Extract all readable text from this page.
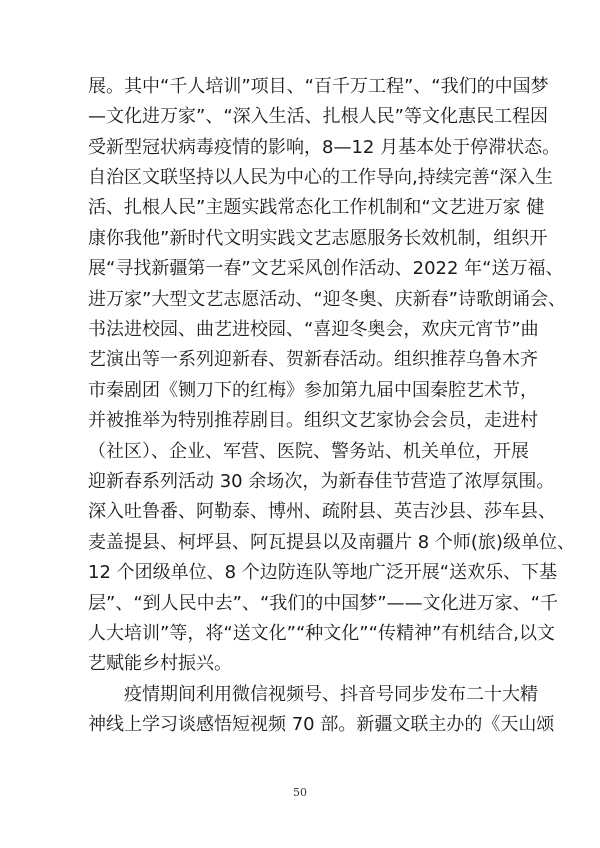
展。其中“千人培训”项目、“百千万工程”、“我们的中国梦
—文化进万家”、“深入生活、扎根人民”等文化惠民工程因
受新型冠状病毒疫情的影响，8—12 月基本处于停滞状态。
自治区文联坚持以人民为中心的工作导向,持续完善“深入生
活、扎根人民”主题实践常态化工作机制和“文艺进万家 健
康你我他”新时代文明实践文艺志愿服务长效机制，组织开
展“寻找新疆第一春”文艺采风创作活动、2022 年“送万福、
进万家”大型文艺志愿活动、“迎冬奥、庆新春”诗歌朗诵会、
书法进校园、曲艺进校园、“喜迎冬奥会，欢庆元宵节”曲
艺演出等一系列迎新春、贺新春活动。组织推荐乌鲁木齐
市秦剧团《铡刀下的红梅》参加第九届中国秦腔艺术节，
并被推举为特别推荐剧目。组织文艺家协会会员，走进村
（社区）、企业、军营、医院、警务站、机关单位，开展
迎新春系列活动 30 余场次，为新春佳节营造了浓厚氛围。
深入吐鲁番、阿勒泰、博州、疏附县、英吉沙县、莎车县、
麦盖提县、柯坪县、阿瓦提县以及南疆片 8 个师(旅)级单位、
12 个团级单位、8 个边防连队等地广泛开展“送欢乐、下基
层”、“到人民中去”、“我们的中国梦”——文化进万家、“千
人大培训”等，将“送文化”“种文化”“传精神”有机结合,以文
艺赋能乡村振兴。
疫情期间利用微信视频号、抖音号同步发布二十大精
神线上学习谈感悟短视频 70 部。新疆文联主办的《天山颂
50
